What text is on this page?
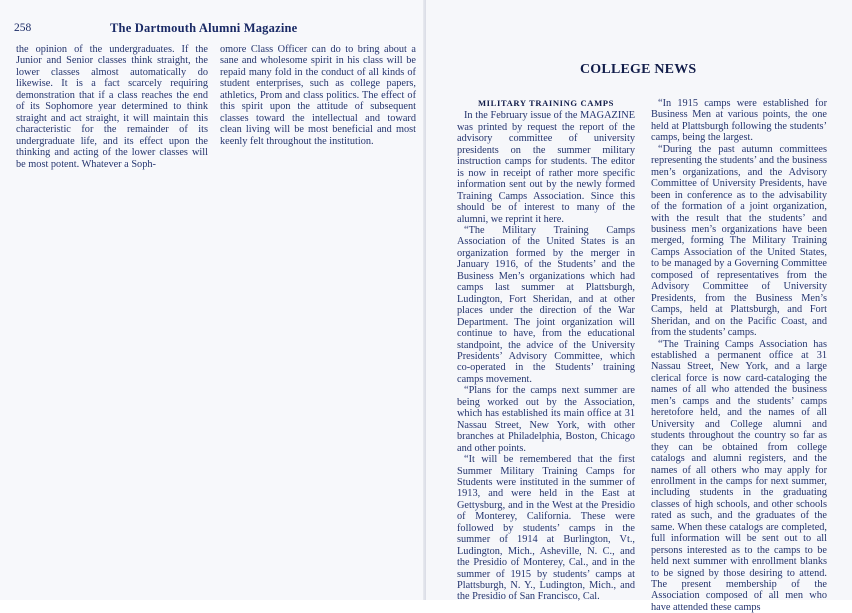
258	The Dartmouth Alumni Magazine

the opinion of the undergraduates. If the Junior and Senior classes think straight, the lower classes almost automatically do likewise. It is a fact scarcely requiring demonstration that if a class reaches the end of its Sophomore year determined to think straight and act straight, it will maintain this characteristic for the remainder of its undergraduate life, and its effect upon the thinking and acting of the lower classes will be most potent. Whatever a Soph-

omore Class Officer can do to bring about a sane and wholesome spirit in his class will be repaid many fold in the conduct of all kinds of student enterprises, such as college papers, athletics, Prom and class politics. The effect of this spirit upon the attitude of subsequent classes toward the intellectual and toward clean living will be most beneficial and most keenly felt throughout the institution.

COLLEGE NEWS
MILITARY TRAINING CAMPS

In the February issue of the MAGAZINE was printed by request the report of the advisory committee of university presidents on the summer military instruction camps for students. The editor is now in receipt of rather more specific information sent out by the newly formed Training Camps Association. Since this should be of interest to many of the alumni, we reprint it here.

“The Military Training Camps Association of the United States is an organization formed by the merger in January 1916, of the Students’ and the Business Men’s organizations which had camps last summer at Plattsburgh, Ludington, Fort Sheridan, and at other places under the direction of the War Department. The joint organization will continue to have, from the educational standpoint, the advice of the University Presidents’ Advisory Committee, which co-operated in the Students’ training camps movement.

“Plans for the camps next summer are being worked out by the Association, which has established its main office at 31 Nassau Street, New York, with other branches at Philadelphia, Boston, Chicago and other points.

“It will be remembered that the first Summer Military Training Camps for Students were instituted in the summer of 1913, and were held in the East at Gettysburg, and in the West at the Presidio of Monterey, California. These were followed by students’ camps in the summer of 1914 at Burlington, Vt., Ludington, Mich., Asheville, N. C., and the Presidio of Monterey, Cal., and in the summer of 1915 by students’ camps at Plattsburgh, N. Y., Ludington, Mich., and the Presidio of San Francisco, Cal.

“In 1915 camps were established for Business Men at various points, the one held at Plattsburgh following the students’ camps, being the largest.

“During the past autumn committees representing the students’ and the business men’s organizations, and the Advisory Committee of University Presidents, have been in conference as to the advisability of the formation of a joint organization, with the result that the students’ and business men’s organizations have been merged, forming The Military Training Camps Association of the United States, to be managed by a Governing Committee composed of representatives from the Advisory Committee of University Presidents, from the Business Men’s Camps, held at Plattsburgh, and Fort Sheridan, and on the Pacific Coast, and from the students’ camps.

“The Training Camps Association has established a permanent office at 31 Nassau Street, New York, and a large clerical force is now card-cataloging the names of all who attended the business men’s camps and the students’ camps heretofore held, and the names of all University and College alumni and students throughout the country so far as they can be obtained from college catalogs and alumni registers, and the names of all others who may apply for enrollment in the camps for next summer, including students in the graduating classes of high schools, and other schools rated as such, and the graduates of the same. When these catalogs are completed, full information will be sent out to all persons interested as to the camps to be held next summer with enrollment blanks to be signed by those desiring to attend. The present membership of the Association composed of all men who have attended these camps
